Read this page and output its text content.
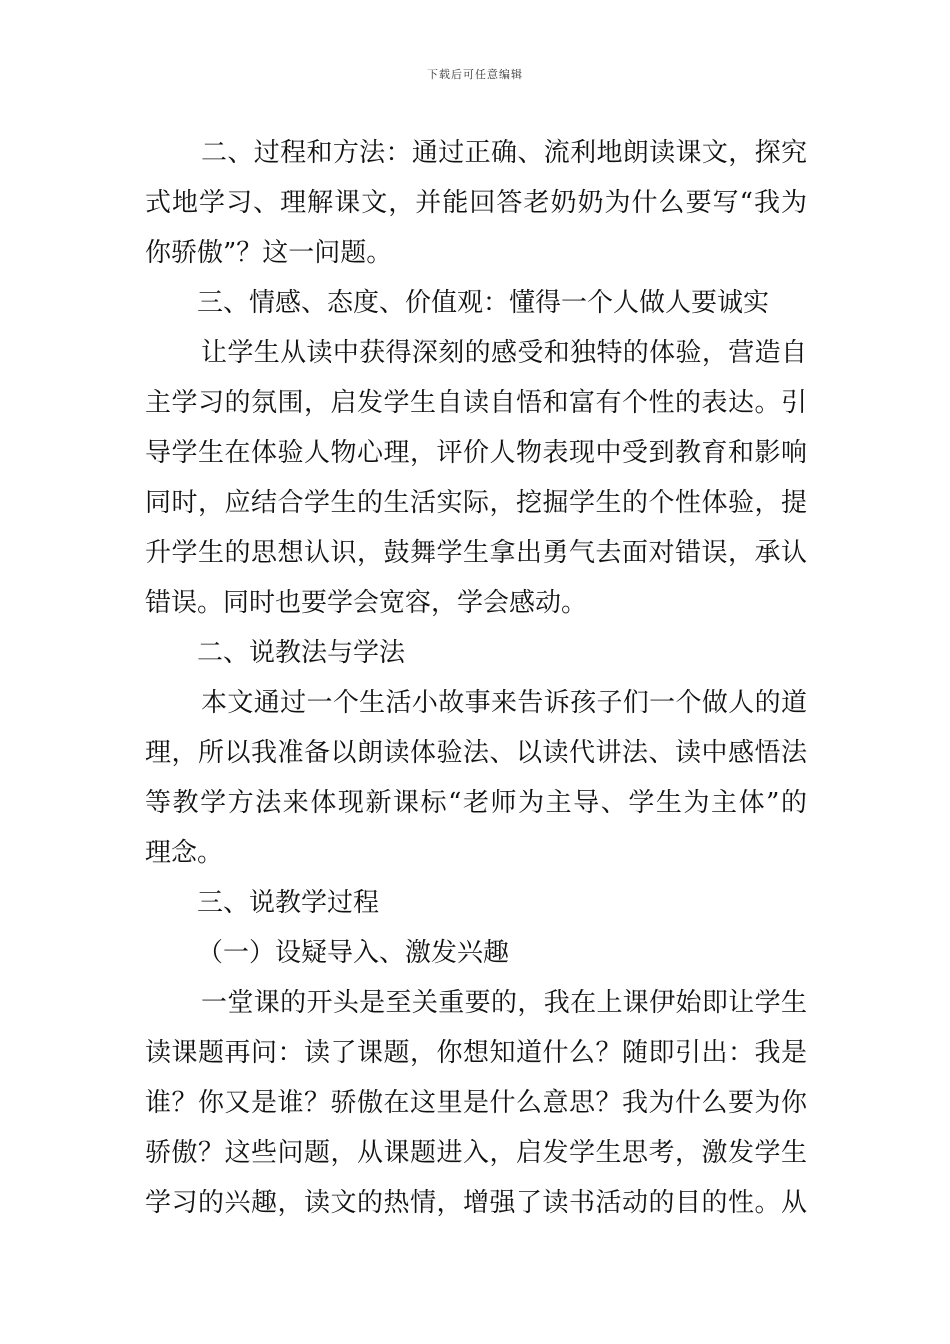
下载后可任意编辑
二、过程和方法：通过正确、流利地朗读课文，探究
式地学习、理解课文，并能回答老奶奶为什么要写“我为
你骄傲”？这一问题。
三、情感、态度、价值观：懂得一个人做人要诚实
让学生从读中获得深刻的感受和独特的体验，营造自
主学习的氛围，启发学生自读自悟和富有个性的表达。引
导学生在体验人物心理，评价人物表现中受到教育和影响
同时，应结合学生的生活实际，挖掘学生的个性体验，提
升学生的思想认识，鼓舞学生拿出勇气去面对错误，承认
错误。同时也要学会宽容，学会感动。
二、说教法与学法
本文通过一个生活小故事来告诉孩子们一个做人的道
理，所以我准备以朗读体验法、以读代讲法、读中感悟法
等教学方法来体现新课标“老师为主导、学生为主体”的
理念。
三、说教学过程
（一）设疑导入、激发兴趣
一堂课的开头是至关重要的，我在上课伊始即让学生
读课题再问：读了课题，你想知道什么？随即引出：我是
谁？你又是谁？骄傲在这里是什么意思？我为什么要为你
骄傲？这些问题，从课题进入，启发学生思考，激发学生
学习的兴趣，读文的热情，增强了读书活动的目的性。从
